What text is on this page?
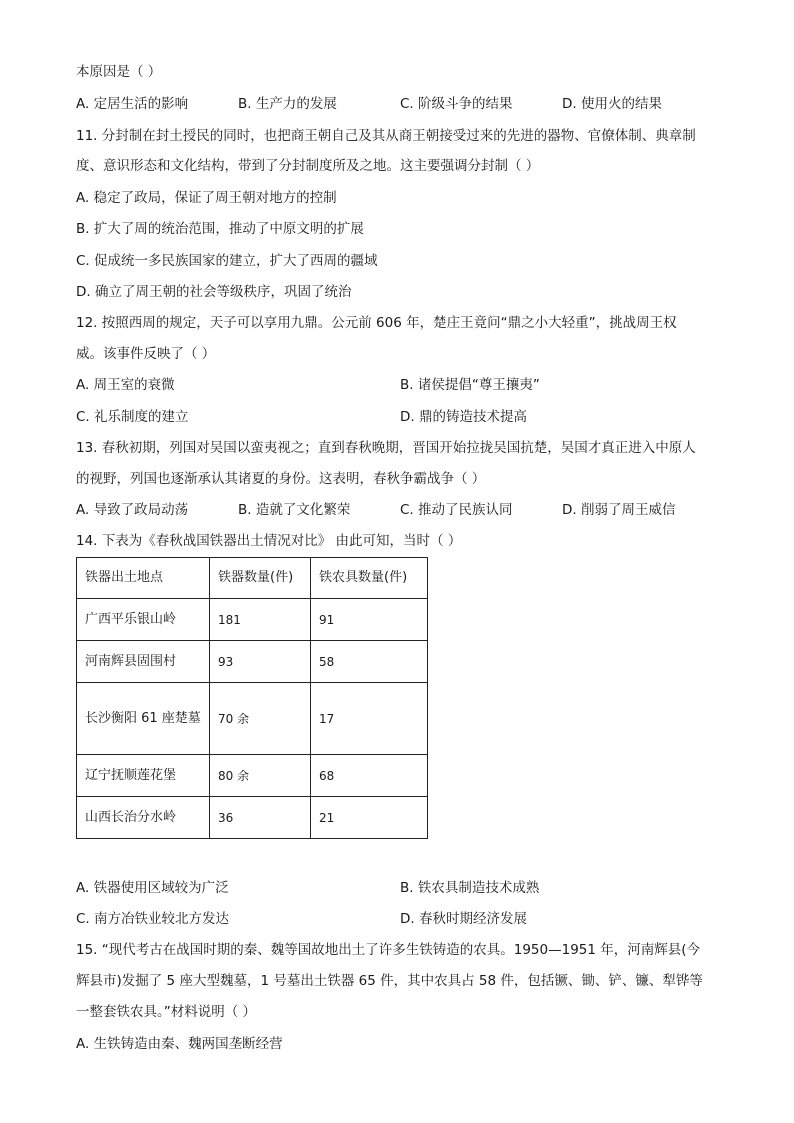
本原因是（ ）
A. 定居生活的影响	B. 生产力的发展	C. 阶级斗争的结果	D. 使用火的结果
11. 分封制在封土授民的同时，也把商王朝自己及其从商王朝接受过来的先进的器物、官僚体制、典章制
度、意识形态和文化结构，带到了分封制度所及之地。这主要强调分封制（ ）
A. 稳定了政局，保证了周王朝对地方的控制
B. 扩大了周的统治范围，推动了中原文明的扩展
C. 促成统一多民族国家的建立，扩大了西周的疆域
D. 确立了周王朝的社会等级秩序，巩固了统治
12. 按照西周的规定，天子可以享用九鼎。公元前 606 年，楚庄王竟问“鼎之小大轻重”，挑战周王权
威。该事件反映了（ ）
A. 周王室的衰微	B. 诸侯提倡“尊王攘夷”
C. 礼乐制度的建立	D. 鼎的铸造技术提高
13. 春秋初期，列国对吴国以蛮夷视之；直到春秋晚期，晋国开始拉拢吴国抗楚，吴国才真正进入中原人
的视野，列国也逐渐承认其诸夏的身份。这表明，春秋争霸战争（ ）
A. 导致了政局动荡	B. 造就了文化繁荣	C. 推动了民族认同	D. 削弱了周王威信
14. 下表为《春秋战国铁器出土情况对比》 由此可知，当时（ ）
铁器出土地点	铁器数量(件)	铁农具数量(件)
广西平乐银山岭	181	91
河南辉县固围村	93	58
长沙衡阳 61 座楚墓	70 余	17
辽宁抚顺莲花堡	80 余	68
山西长治分水岭	36	21
A. 铁器使用区域较为广泛	B. 铁农具制造技术成熟
C. 南方冶铁业较北方发达	D. 春秋时期经济发展
15. “现代考古在战国时期的秦、魏等国故地出土了许多生铁铸造的农具。1950—1951 年，河南辉县(今
辉县市)发掘了 5 座大型魏墓，1 号墓出土铁器 65 件，其中农具占 58 件，包括镢、锄、铲、镰、犁铧等
一整套铁农具。”材料说明（ ）
A. 生铁铸造由秦、魏两国垄断经营
